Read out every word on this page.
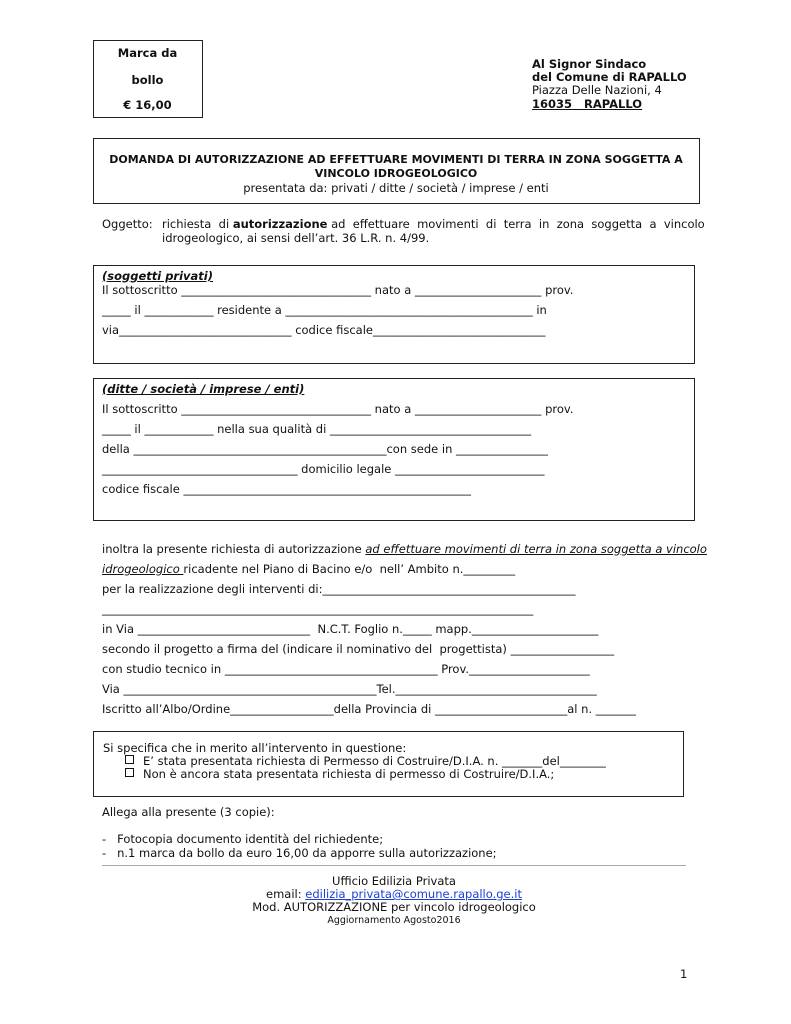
Marca da
bollo
€ 16,00
Al Signor Sindaco
del Comune di RAPALLO
Piazza Delle Nazioni, 4
16035   RAPALLO
DOMANDA DI AUTORIZZAZIONE AD EFFETTUARE MOVIMENTI DI TERRA IN ZONA SOGGETTA A
VINCOLO IDROGEOLOGICO
presentata da: privati / ditte / società / imprese / enti
Oggetto: richiesta  di autorizzazione ad  effettuare  movimenti  di  terra  in  zona  soggetta  a  vincolo
idrogeologico, ai sensi dell’art. 36 L.R. n. 4/99.
(soggetti privati)
Il sottoscritto _________________________________ nato a ______________________ prov.
_____ il ____________ residente a ___________________________________________ in
via______________________________ codice fiscale______________________________
(ditte / società / imprese / enti)
Il sottoscritto _________________________________ nato a ______________________ prov.
_____ il ____________ nella sua qualità di ___________________________________
della ____________________________________________con sede in ________________
__________________________________ domicilio legale __________________________
codice fiscale __________________________________________________
inoltra la presente richiesta di autorizzazione ad effettuare movimenti di terra in zona soggetta a vincolo
idrogeologico ricadente nel Piano di Bacino e/o  nell’ Ambito n._________
per la realizzazione degli interventi di:____________________________________________
___________________________________________________________________________
in Via ______________________________  N.C.T. Foglio n._____ mapp.______________________
secondo il progetto a firma del (indicare il nominativo del  progettista) __________________
con studio tecnico in _____________________________________ Prov._____________________
Via ____________________________________________Tel.___________________________________
Iscritto all’Albo/Ordine__________________della Provincia di _______________________al n. _______
Si specifica che in merito all’intervento in questione:
E’ stata presentata richiesta di Permesso di Costruire/D.I.A. n. _______del________
Non è ancora stata presentata richiesta di permesso di Costruire/D.I.A.;
Allega alla presente (3 copie):
-   Fotocopia documento identità del richiedente;
-   n.1 marca da bollo da euro 16,00 da apporre sulla autorizzazione;
Ufficio Edilizia Privata
email: edilizia_privata@comune.rapallo.ge.it
Mod. AUTORIZZAZIONE per vincolo idrogeologico
Aggiornamento Agosto2016
1
